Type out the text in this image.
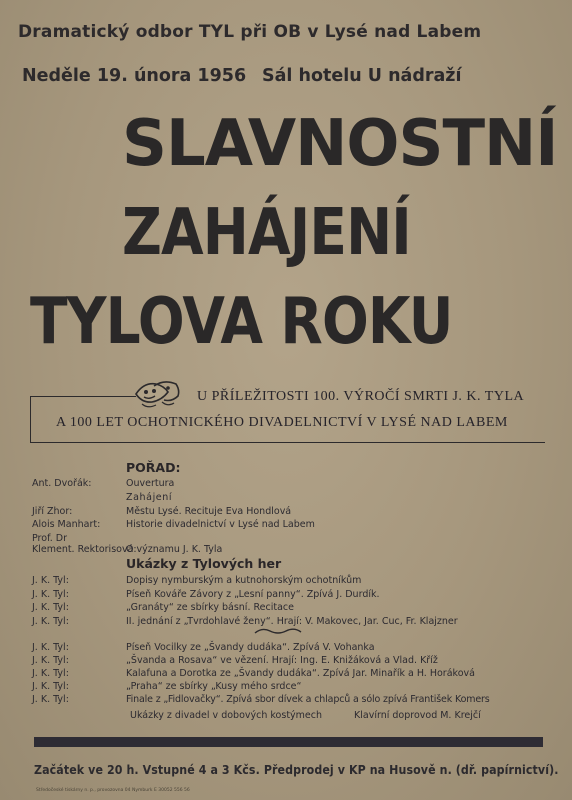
Dramatický odbor TYL při OB v Lysé nad Labem
Neděle 19. února 1956 Sál hotelu U nádraží
SLAVNOSTNÍ
ZAHÁJENÍ
TYLOVA ROKU
U PŘÍLEŽITOSTI 100. VÝROČÍ SMRTI J. K. TYLA
A 100 LET OCHOTNICKÉHO DIVADELNICTVÍ V LYSÉ NAD LABEM
POŘAD:
Ant. Dvořák:	Ouvertura
Zahájení
Jiří Zhor:	Městu Lysé. Recituje Eva Hondlová
Alois Manhart:	Historie divadelnictví v Lysé nad Labem
Prof. Dr
Klement. Rektorisová:
O významu J. K. Tyla
Ukázky z Tylových her
J. K. Tyl:	Dopisy nymburským a kutnohorským ochotníkům
J. K. Tyl:	Píseň Kováře Závory z „Lesní panny“. Zpívá J. Durdík.
J. K. Tyl:	„Granáty“ ze sbírky básní. Recitace
J. K. Tyl:	II. jednání z „Tvrdohlavé ženy“. Hrají: V. Makovec, Jar. Cuc, Fr. Klajzner
J. K. Tyl:	Píseň Vocilky ze „Švandy dudáka“. Zpívá V. Vohanka
J. K. Tyl:	„Švanda a Rosava“ ve vězení. Hrají: Ing. E. Knižáková a Vlad. Kříž
J. K. Tyl:	Kalafuna a Dorotka ze „Švandy dudáka“. Zpívá Jar. Minařík a H. Horáková
J. K. Tyl:	„Praha“ ze sbírky „Kusy mého srdce“
J. K. Tyl:	Finale z „Fidlovačky“. Zpívá sbor dívek a chlapců a sólo zpívá František Komers
Ukázky z divadel v dobových kostýmech	Klavírní doprovod M. Krejčí
Začátek ve 20 h. Vstupné 4 a 3 Kčs. Předprodej v KP na Husově n. (dř. papírnictví).
Středočeské tiskárny n. p., provozovna 04 Nymburk E 30052 556 56
